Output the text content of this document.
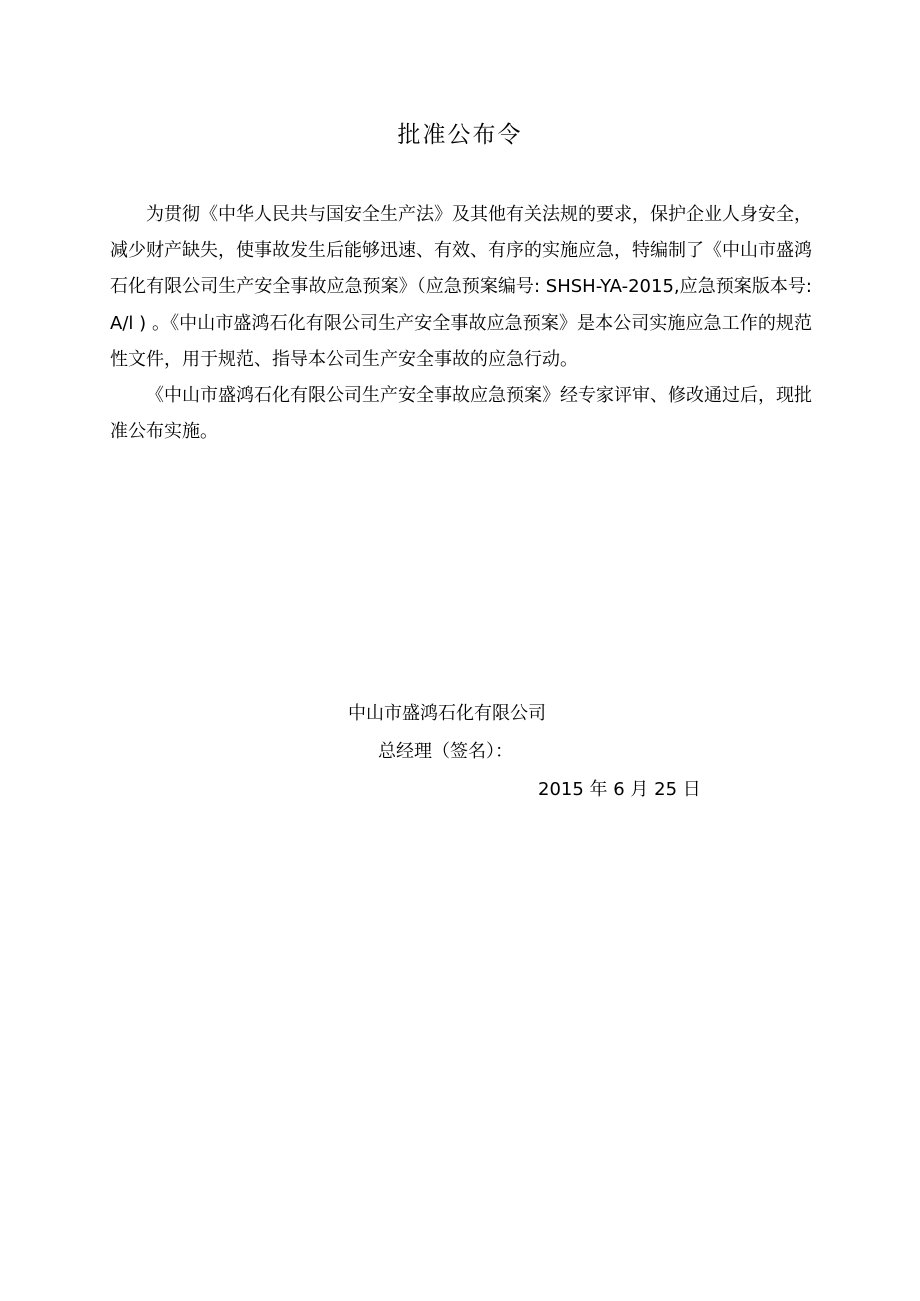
批准公布令

为贯彻《中华人民共与国安全生产法》及其他有关法规的要求，保护企业人身安全，减少财产缺失，使事故发生后能够迅速、有效、有序的实施应急，特编制了《中山市盛鸿石化有限公司生产安全事故应急预案》（应急预案编号: SHSH-YA-2015,应急预案版本号: A/l ) 。《中山市盛鸿石化有限公司生产安全事故应急预案》是本公司实施应急工作的规范性文件，用于规范、指导本公司生产安全事故的应急行动。

《中山市盛鸿石化有限公司生产安全事故应急预案》经专家评审、修改通过后，现批准公布实施。

中山市盛鸿石化有限公司
总经理（签名）：
2015 年 6 月 25 日
